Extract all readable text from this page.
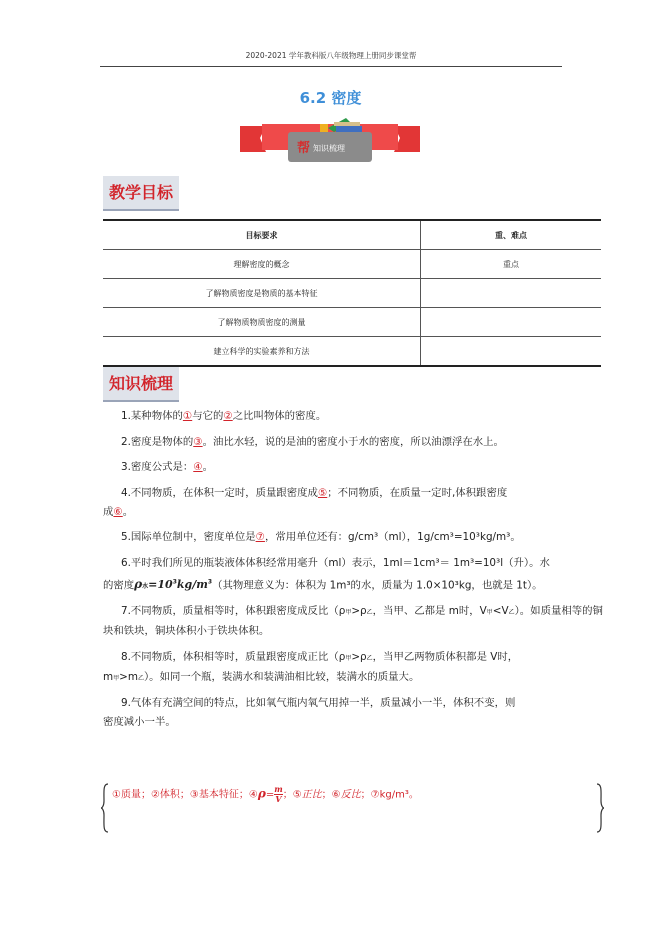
2020-2021 学年教科版八年级物理上册同步课堂帮
6.2 密度
帮 知识梳理
教学目标
目标要求	重、难点
理解密度的概念	重点
了解物质密度是物质的基本特征	
了解物质物质密度的测量	
建立科学的实验素养和方法	
知识梳理

1.某种物体的①与它的②之比叫物体的密度。

2.密度是物体的③。油比水轻，说的是油的密度小于水的密度，所以油漂浮在水上。

3.密度公式是：④。

4.不同物质，在体积一定时，质量跟密度成⑤；不同物质，在质量一定时,体积跟密度
成⑥。

5.国际单位制中，密度单位是⑦，常用单位还有：g/cm³（ml），1g/cm³=10³kg/m³。

6.平时我们所见的瓶装液体体积经常用毫升（ml）表示，1ml＝1cm³＝ 1m³=10³l（升）。水
的密度ρ水$=10^3kg/m^3$（其物理意义为：体积为 1m³的水，质量为 1.0×10³kg，也就是 1t）。

7.不同物质，质量相等时，体积跟密度成反比（ρ甲>ρ乙，当甲、乙都是 m时，V甲<V乙）。如质量相等的铜块和铁块，铜块体积小于铁块体积。

8.不同物质，体积相等时，质量跟密度成正比（ρ甲>ρ乙，当甲乙两物质体积都是 V时，
m甲>m乙）。如同一个瓶，装满水和装满油相比较，装满水的质量大。

9.气体有充满空间的特点，比如氧气瓶内氧气用掉一半，质量减小一半，体积不变，则
密度减小一半。

①质量；②体积；③基本特征；④ρ= $\frac{m}{V}$ ；⑤正比；⑥反比；⑦kg/m³。
